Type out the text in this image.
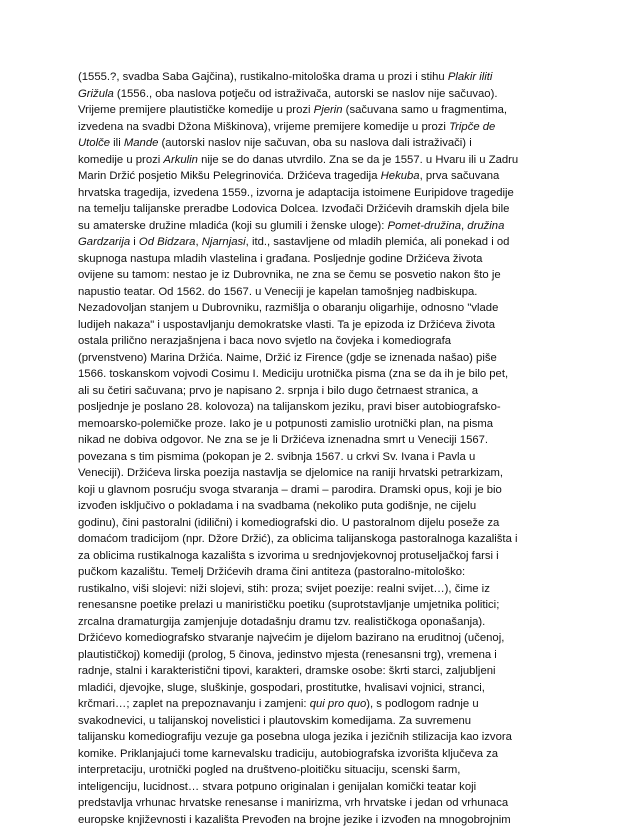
(1555.?, svadba Saba Gajčina), rustikalno-mitološka drama u prozi i stihu Plakir iliti
Grižula (1556., oba naslova potječu od istraživača, autorski se naslov nije sačuvao).
Vrijeme premijere plautističke komedije u prozi Pjerin (sačuvana samo u fragmentima,
izvedena na svadbi Džona Miškinova), vrijeme premijere komedije u prozi Tripče de
Utolče ili Mande (autorski naslov nije sačuvan, oba su naslova dali istraživači) i
komedije u prozi Arkulin nije se do danas utvrdilo. Zna se da je 1557. u Hvaru ili u Zadru
Marin Držić posjetio Mikšu Pelegrinovića. Držićeva tragedija Hekuba, prva sačuvana
hrvatska tragedija, izvedena 1559., izvorna je adaptacija istoimene Euripidove tragedije
na temelju talijanske preradbe Lodovica Dolcea. Izvođači Držićevih dramskih djela bile
su amaterske družine mladića (koji su glumili i ženske uloge): Pomet-družina, družina
Gardzarija i Od Bidzara, Njarnjasi, itd., sastavljene od mladih plemića, ali ponekad i od
skupnoga nastupa mladih vlastelina i građana. Posljednje godine Držićeva života
ovijene su tamom: nestao je iz Dubrovnika, ne zna se čemu se posvetio nakon što je
napustio teatar. Od 1562. do 1567. u Veneciji je kapelan tamošnjeg nadbiskupa.
Nezadovoljan stanjem u Dubrovniku, razmišlja o obaranju oligarhije, odnosno "vlade
ludijeh nakaza" i uspostavljanju demokratske vlasti. Ta je epizoda iz Držićeva života
ostala prilično nerazjašnjena i baca novo svjetlo na čovjeka i komediografa
(prvenstveno) Marina Držića. Naime, Držić iz Firence (gdje se iznenada našao) piše
1566. toskanskom vojvodi Cosimu I. Mediciju urotnička pisma (zna se da ih je bilo pet,
ali su četiri sačuvana; prvo je napisano 2. srpnja i bilo dugo četrnaest stranica, a
posljednje je poslano 28. kolovoza) na talijanskom jeziku, pravi biser autobiografsko-
memoarsko-polemičke proze. Iako je u potpunosti zamislio urotnički plan, na pisma
nikad ne dobiva odgovor. Ne zna se je li Držićeva iznenadna smrt u Veneciji 1567.
povezana s tim pismima (pokopan je 2. svibnja 1567. u crkvi Sv. Ivana i Pavla u
Veneciji). Držićeva lirska poezija nastavlja se djelomice na raniji hrvatski petrarkizam,
koji u glavnom posrućju svoga stvaranja – drami – parodira. Dramski opus, koji je bio
izvođen isključivo o pokladama i na svadbama (nekoliko puta godišnje, ne cijelu
godinu), čini pastoralni (idilični) i komediografski dio. U pastoralnom dijelu poseže za
domaćom tradicijom (npr. Džore Držić), za oblicima talijanskoga pastoralnoga kazališta i
za oblicima rustikalnoga kazališta s izvorima u srednjovjekovnoj protuseljačkoj farsi i
pučkom kazalištu. Temelj Držićevih drama čini antiteza (pastoralno-mitološko:
rustikalno, viši slojevi: niži slojevi, stih: proza; svijet poezije: realni svijet…), čime iz
renesansne poetike prelazi u manirističku poetiku (suprotstavljanje umjetnika politici;
zrcalna dramaturgija zamjenjuje dotadašnju dramu tzv. realističkoga oponašanja).
Držićevo komediografsko stvaranje najvećim je dijelom bazirano na eruditnoj (učenoj,
plautističkoj) komediji (prolog, 5 činova, jedinstvo mjesta (renesansni trg), vremena i
radnje, stalni i karakteristični tipovi, karakteri, dramske osobe: škrti starci, zaljubljeni
mladići, djevojke, sluge, sluškinje, gospodari, prostitutke, hvalisavi vojnici, stranci,
krčmari…; zaplet na prepoznavanju i zamjeni: qui pro quo), s podlogom radnje u
svakodnevici, u talijanskoj novelistici i plautovskim komedijama. Za suvremenu
talijansku komediografiju vezuje ga posebna uloga jezika i jezičnih stilizacija kao izvora
komike. Priklanjajući tome karnevalsku tradiciju, autobiografska izvorišta ključeva za
interpretaciju, urotnički pogled na društveno-ploitičku situaciju, scenski šarm,
inteligenciju, lucidnost… stvara potpuno originalan i genijalan komički teatar koji
predstavlja vrhunac hrvatske renesanse i manirizma, vrh hrvatske i jedan od vrhunaca
europske književnosti i kazališta Prevođen na brojne jezike i izvođen na mnogobrojnim
